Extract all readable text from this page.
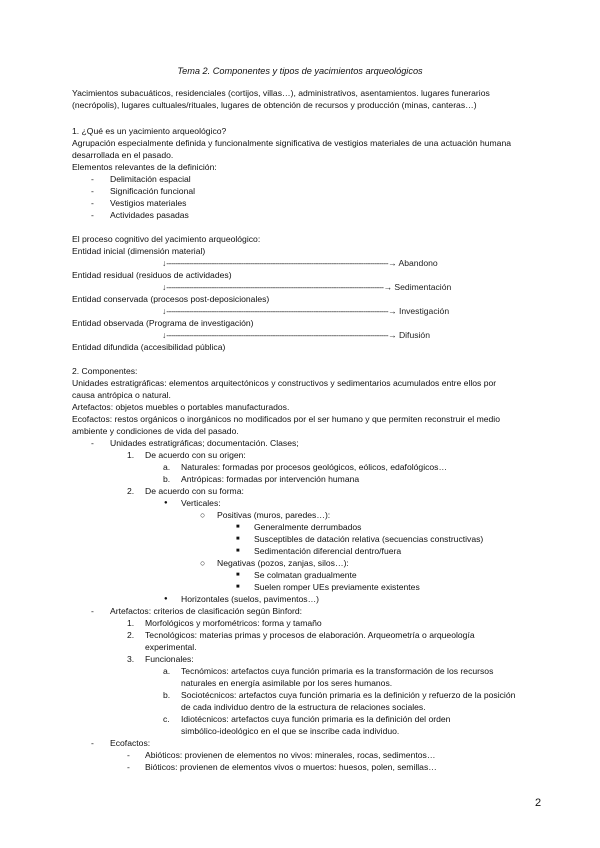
Tema 2. Componentes y tipos de yacimientos arqueológicos
Yacimientos subacuáticos, residenciales (cortijos, villas…), administrativos, asentamientos. lugares funerarios
(necrópolis), lugares cultuales/rituales, lugares de obtención de recursos y producción (minas, canteras…)
1. ¿Qué es un yacimiento arqueológico?
Agrupación especialmente definida y funcionalmente significativa de vestigios materiales de una actuación humana
desarrollada en el pasado.
Elementos relevantes de la definición:
- Delimitación espacial
- Significación funcional
- Vestigios materiales
- Actividades pasadas
El proceso cognitivo del yacimiento arqueológico:
Entidad inicial (dimensión material)
↓--------------------------------------------------------------------------------------------------→ Abandono
Entidad residual (residuos de actividades)
↓------------------------------------------------------------------------------------------------→ Sedimentación
Entidad conservada (procesos post-deposicionales)
↓--------------------------------------------------------------------------------------------------→ Investigación
Entidad observada (Programa de investigación)
↓--------------------------------------------------------------------------------------------------→ Difusión
Entidad difundida (accesibilidad pública)
2. Componentes:
Unidades estratigráficas: elementos arquitectónicos y constructivos y sedimentarios acumulados entre ellos por
causa antrópica o natural.
Artefactos: objetos muebles o portables manufacturados.
Ecofactos: restos orgánicos o inorgánicos no modificados por el ser humano y que permiten reconstruir el medio
ambiente y condiciones de vida del pasado.
- Unidades estratigráficas; documentación. Clases;
1. De acuerdo con su origen:
a. Naturales: formadas por procesos geológicos, eólicos, edafológicos…
b. Antrópicas: formadas por intervención humana
2. De acuerdo con su forma:
● Verticales:
○ Positivas (muros, paredes…):
■ Generalmente derrumbados
■ Susceptibles de datación relativa (secuencias constructivas)
■ Sedimentación diferencial dentro/fuera
○ Negativas (pozos, zanjas, silos…):
■ Se colmatan gradualmente
■ Suelen romper UEs previamente existentes
● Horizontales (suelos, pavimentos…)
- Artefactos: criterios de clasificación según Binford:
1. Morfológicos y morfométricos: forma y tamaño
2. Tecnológicos: materias primas y procesos de elaboración. Arqueometría o arqueología
experimental.
3. Funcionales:
a. Tecnómicos: artefactos cuya función primaria es la transformación de los recursos
naturales en energía asimilable por los seres humanos.
b. Sociotécnicos: artefactos cuya función primaria es la definición y refuerzo de la posición
de cada individuo dentro de la estructura de relaciones sociales.
c. Idiotécnicos: artefactos cuya función primaria es la definición del orden
simbólico-ideológico en el que se inscribe cada individuo.
- Ecofactos:
- Abióticos: provienen de elementos no vivos: minerales, rocas, sedimentos…
- Bióticos: provienen de elementos vivos o muertos: huesos, polen, semillas…
2
